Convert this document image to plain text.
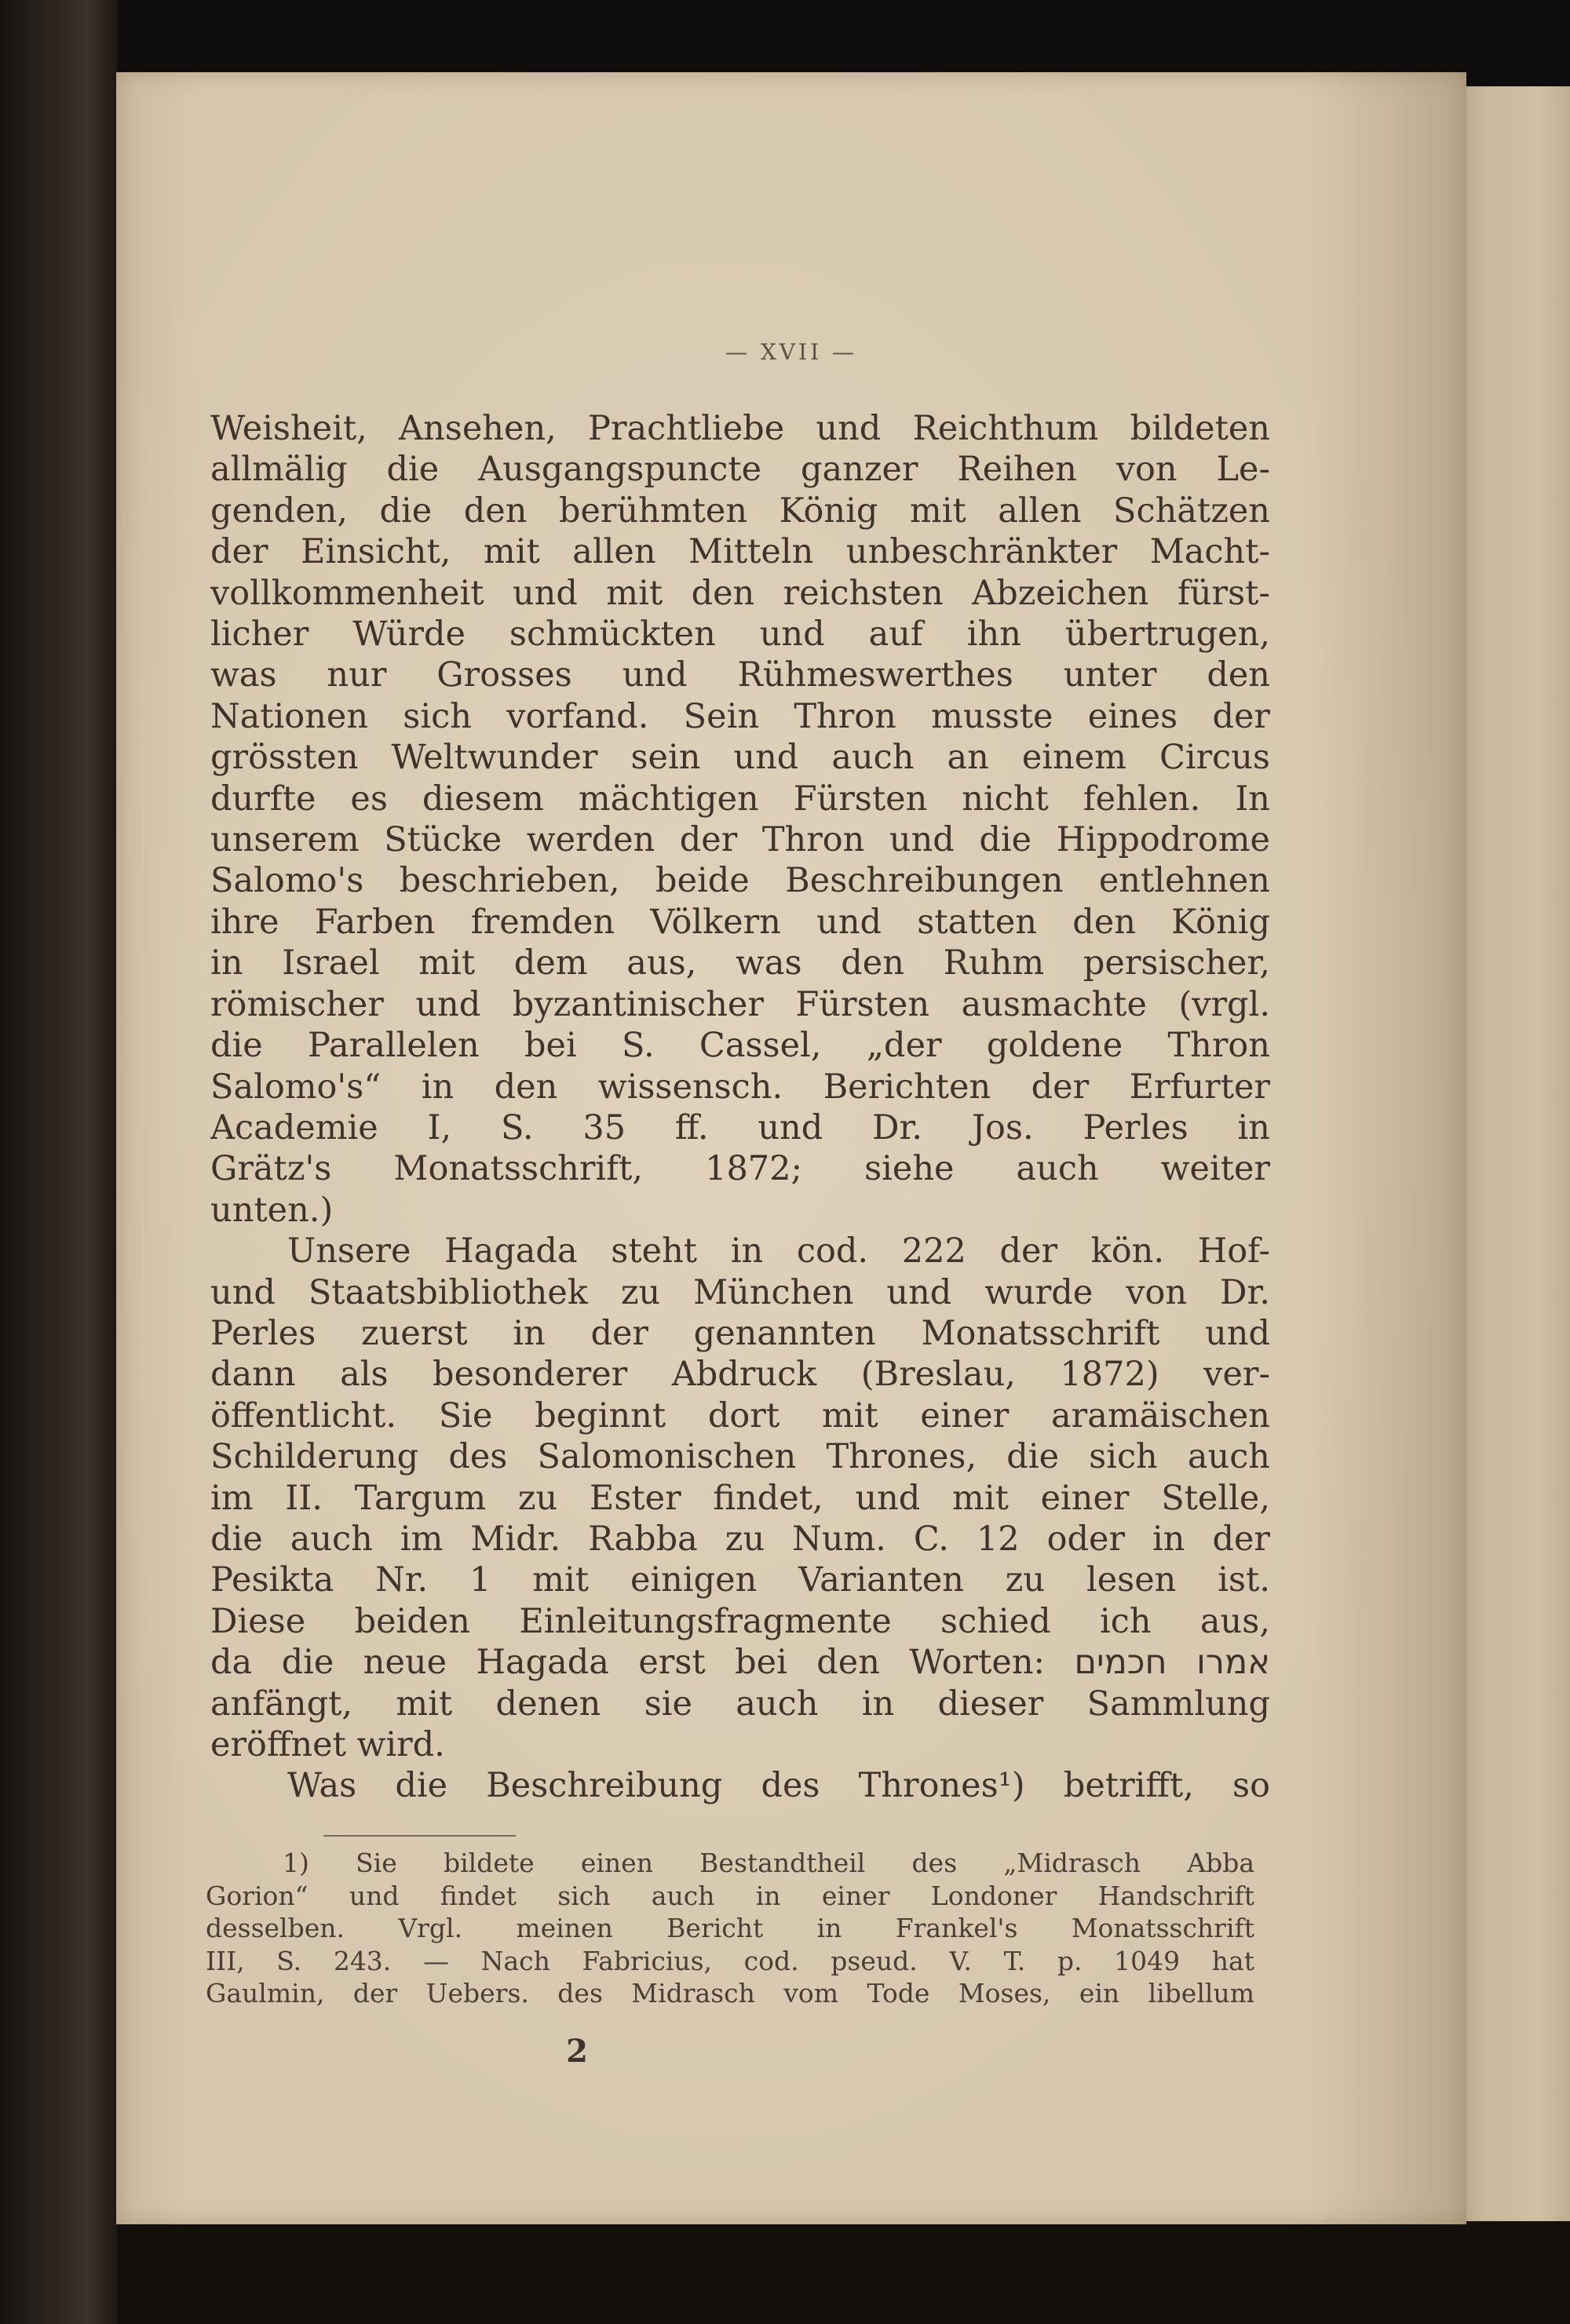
— XVII —
Weisheit, Ansehen, Prachtliebe und Reichthum bildeten
allmälig die Ausgangspuncte ganzer Reihen von Le-
genden, die den berühmten König mit allen Schätzen
der Einsicht, mit allen Mitteln unbeschränkter Macht-
vollkommenheit und mit den reichsten Abzeichen fürst-
licher Würde schmückten und auf ihn übertrugen,
was nur Grosses und Rühmeswerthes unter den
Nationen sich vorfand. Sein Thron musste eines der
grössten Weltwunder sein und auch an einem Circus
durfte es diesem mächtigen Fürsten nicht fehlen. In
unserem Stücke werden der Thron und die Hippodrome
Salomo's beschrieben, beide Beschreibungen entlehnen
ihre Farben fremden Völkern und statten den König
in Israel mit dem aus, was den Ruhm persischer,
römischer und byzantinischer Fürsten ausmachte (vrgl.
die Parallelen bei S. Cassel, „der goldene Thron
Salomo's“ in den wissensch. Berichten der Erfurter
Academie I, S. 35 ff. und Dr. Jos. Perles in
Grätz's Monatsschrift, 1872; siehe auch weiter
unten.)
Unsere Hagada steht in cod. 222 der kön. Hof-
und Staatsbibliothek zu München und wurde von Dr.
Perles zuerst in der genannten Monatsschrift und
dann als besonderer Abdruck (Breslau, 1872) ver-
öffentlicht. Sie beginnt dort mit einer aramäischen
Schilderung des Salomonischen Thrones, die sich auch
im II. Targum zu Ester findet, und mit einer Stelle,
die auch im Midr. Rabba zu Num. C. 12 oder in der
Pesikta Nr. 1 mit einigen Varianten zu lesen ist.
Diese beiden Einleitungsfragmente schied ich aus,
da die neue Hagada erst bei den Worten: אמרו חכמים
anfängt, mit denen sie auch in dieser Sammlung
eröffnet wird.
Was die Beschreibung des Thrones¹) betrifft, so
1) Sie bildete einen Bestandtheil des „Midrasch Abba
Gorion“ und findet sich auch in einer Londoner Handschrift
desselben. Vrgl. meinen Bericht in Frankel's Monatsschrift
III, S. 243. — Nach Fabricius, cod. pseud. V. T. p. 1049 hat
Gaulmin, der Uebers. des Midrasch vom Tode Moses, ein libellum
2
